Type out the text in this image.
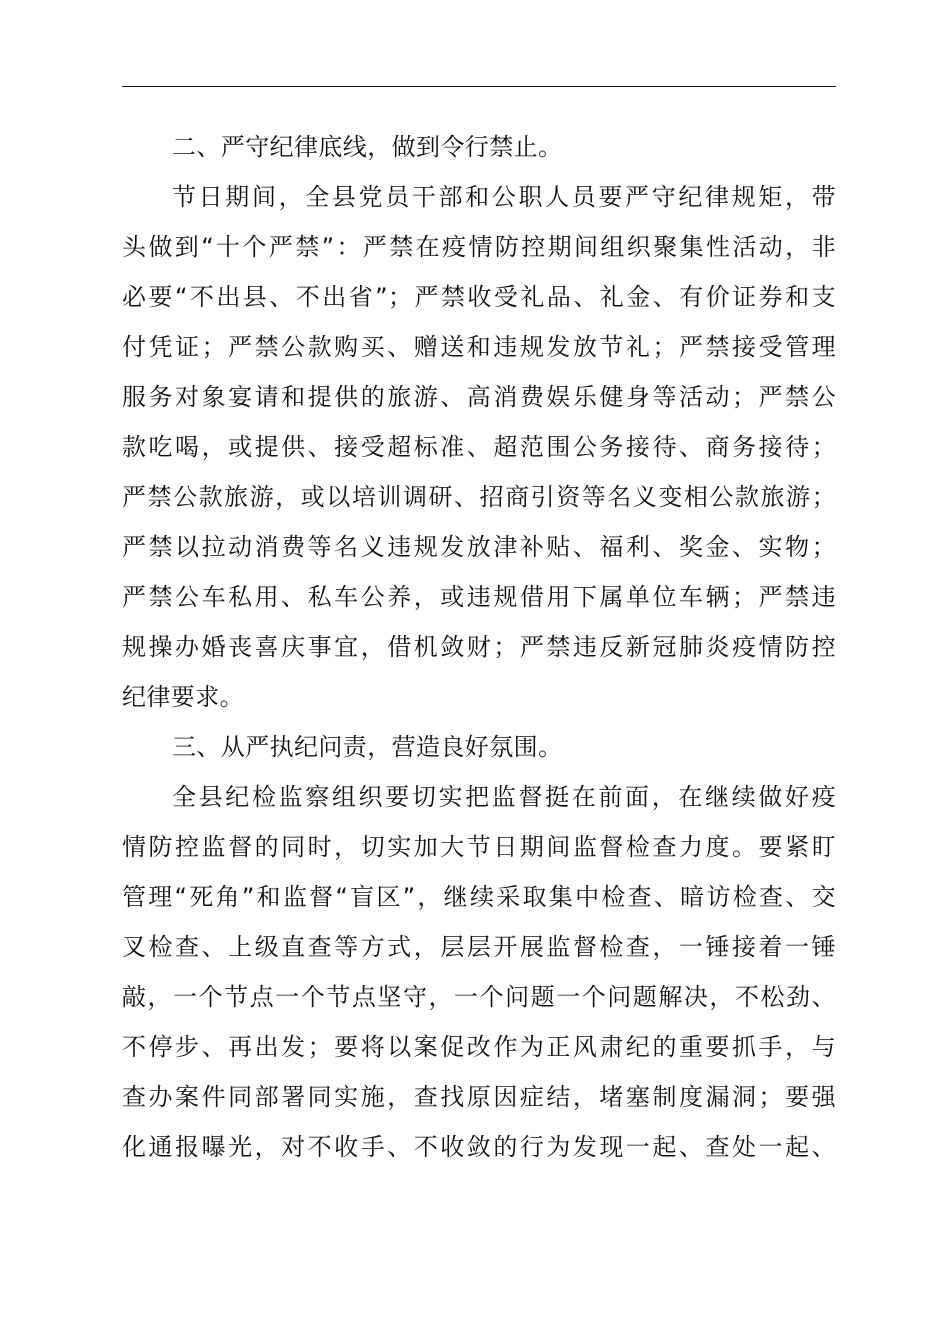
二、严守纪律底线，做到令行禁止。
节日期间，全县党员干部和公职人员要严守纪律规矩，带
头做到“十个严禁”：严禁在疫情防控期间组织聚集性活动，非
必要“不出县、不出省”；严禁收受礼品、礼金、有价证券和支
付凭证；严禁公款购买、赠送和违规发放节礼；严禁接受管理
服务对象宴请和提供的旅游、高消费娱乐健身等活动；严禁公
款吃喝，或提供、接受超标准、超范围公务接待、商务接待；
严禁公款旅游，或以培训调研、招商引资等名义变相公款旅游；
严禁以拉动消费等名义违规发放津补贴、福利、奖金、实物；
严禁公车私用、私车公养，或违规借用下属单位车辆；严禁违
规操办婚丧喜庆事宜，借机敛财；严禁违反新冠肺炎疫情防控
纪律要求。
三、从严执纪问责，营造良好氛围。
全县纪检监察组织要切实把监督挺在前面，在继续做好疫
情防控监督的同时，切实加大节日期间监督检查力度。要紧盯
管理“死角”和监督“盲区”，继续采取集中检查、暗访检查、交
叉检查、上级直查等方式，层层开展监督检查，一锤接着一锤
敲，一个节点一个节点坚守，一个问题一个问题解决，不松劲、
不停步、再出发；要将以案促改作为正风肃纪的重要抓手，与
查办案件同部署同实施，查找原因症结，堵塞制度漏洞；要强
化通报曝光，对不收手、不收敛的行为发现一起、查处一起、
